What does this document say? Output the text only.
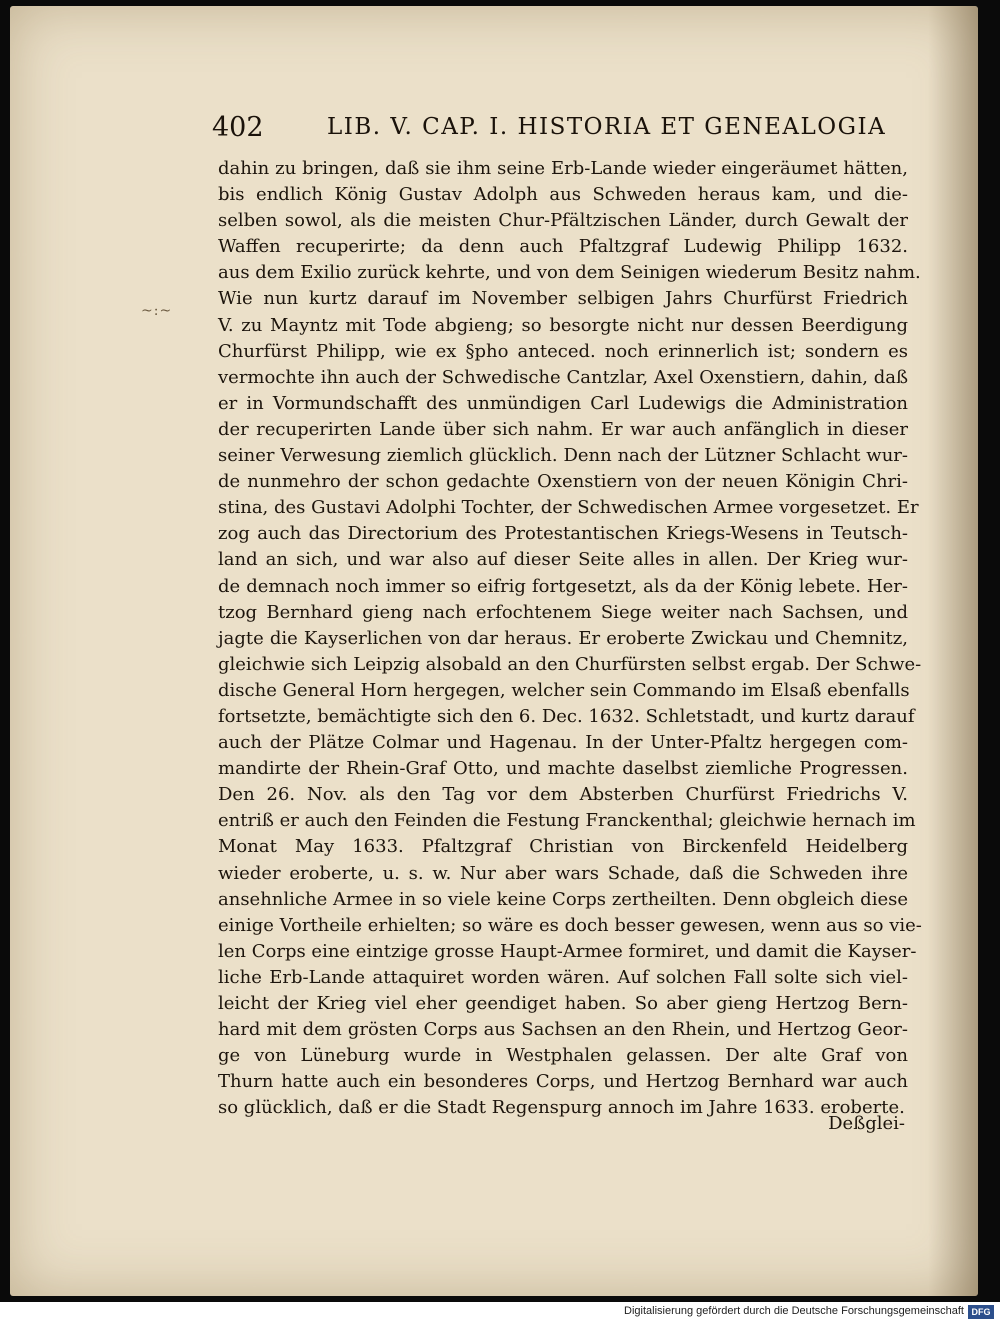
~:~
402	LIB. V. CAP. I. HISTORIA ET GENEALOGIA
dahin zu bringen, daß sie ihm seine Erb-Lande wieder eingeräumet hätten,
bis endlich König Gustav Adolph aus Schweden heraus kam, und die-
selben sowol, als die meisten Chur-Pfältzischen Länder, durch Gewalt der
Waffen recuperirte; da denn auch Pfaltzgraf Ludewig Philipp 1632.
aus dem Exilio zurück kehrte, und von dem Seinigen wiederum Besitz nahm.
Wie nun kurtz darauf im November selbigen Jahrs Churfürst Friedrich
V. zu Mayntz mit Tode abgieng; so besorgte nicht nur dessen Beerdigung
Churfürst Philipp, wie ex §pho anteced. noch erinnerlich ist; sondern es
vermochte ihn auch der Schwedische Cantzlar, Axel Oxenstiern, dahin, daß
er in Vormundschafft des unmündigen Carl Ludewigs die Administration
der recuperirten Lande über sich nahm. Er war auch anfänglich in dieser
seiner Verwesung ziemlich glücklich. Denn nach der Lützner Schlacht wur-
de nunmehro der schon gedachte Oxenstiern von der neuen Königin Chri-
stina, des Gustavi Adolphi Tochter, der Schwedischen Armee vorgesetzet. Er
zog auch das Directorium des Protestantischen Kriegs-Wesens in Teutsch-
land an sich, und war also auf dieser Seite alles in allen. Der Krieg wur-
de demnach noch immer so eifrig fortgesetzt, als da der König lebete. Her-
tzog Bernhard gieng nach erfochtenem Siege weiter nach Sachsen, und
jagte die Kayserlichen von dar heraus. Er eroberte Zwickau und Chemnitz,
gleichwie sich Leipzig alsobald an den Churfürsten selbst ergab. Der Schwe-
dische General Horn hergegen, welcher sein Commando im Elsaß ebenfalls
fortsetzte, bemächtigte sich den 6. Dec. 1632. Schletstadt, und kurtz darauf
auch der Plätze Colmar und Hagenau. In der Unter-Pfaltz hergegen com-
mandirte der Rhein-Graf Otto, und machte daselbst ziemliche Progressen.
Den 26. Nov. als den Tag vor dem Absterben Churfürst Friedrichs V.
entriß er auch den Feinden die Festung Franckenthal; gleichwie hernach im
Monat May 1633. Pfaltzgraf Christian von Birckenfeld Heidelberg
wieder eroberte, u. s. w. Nur aber wars Schade, daß die Schweden ihre
ansehnliche Armee in so viele keine Corps zertheilten. Denn obgleich diese
einige Vortheile erhielten; so wäre es doch besser gewesen, wenn aus so vie-
len Corps eine eintzige grosse Haupt-Armee formiret, und damit die Kayser-
liche Erb-Lande attaquiret worden wären. Auf solchen Fall solte sich viel-
leicht der Krieg viel eher geendiget haben. So aber gieng Hertzog Bern-
hard mit dem grösten Corps aus Sachsen an den Rhein, und Hertzog Geor-
ge von Lüneburg wurde in Westphalen gelassen. Der alte Graf von
Thurn hatte auch ein besonderes Corps, und Hertzog Bernhard war auch
so glücklich, daß er die Stadt Regenspurg annoch im Jahre 1633. eroberte.
Deßglei-
Digitalisierung gefördert durch die Deutsche Forschungsgemeinschaft DFG
